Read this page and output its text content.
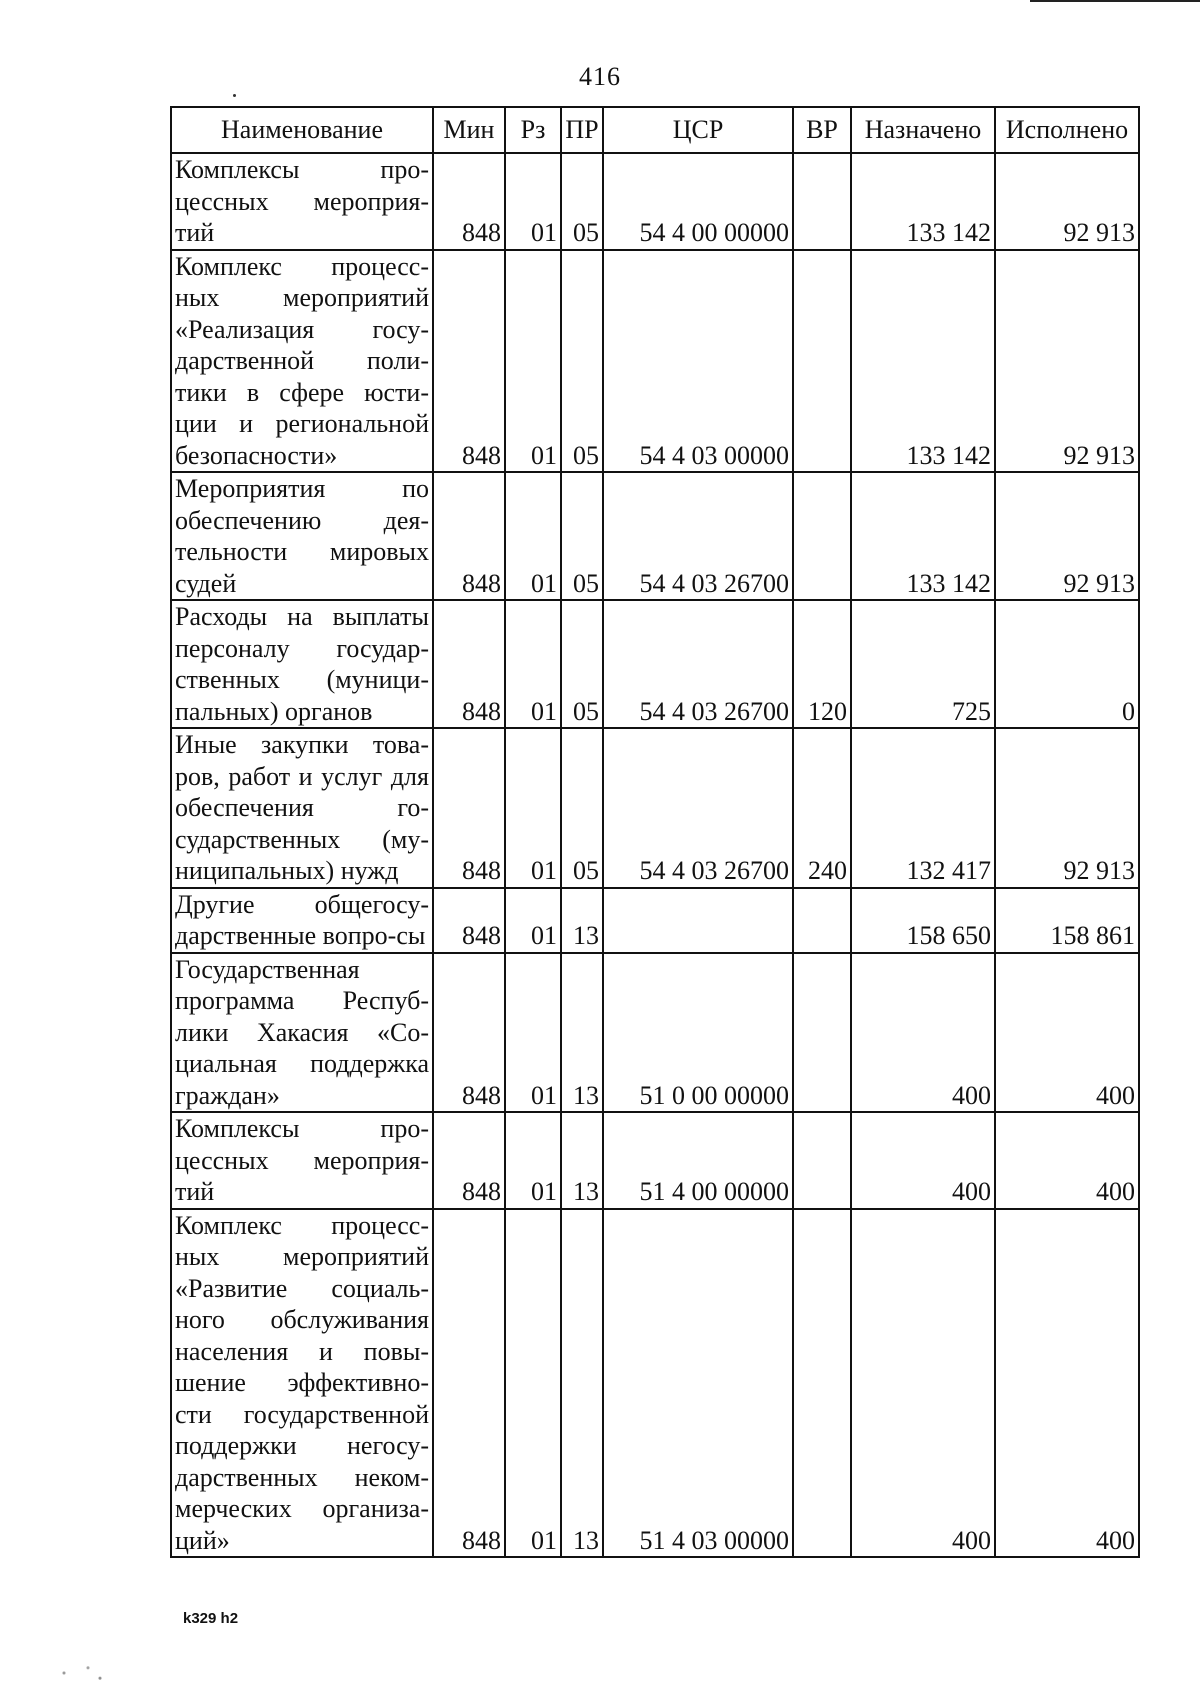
416
Наименование	Мин	Рз	ПР	ЦСР	ВР	Назначено	Исполнено
Комплексы про-цессных мероприя-тий	848	01	05	54 4 00 00000		133 142	92 913
Комплекс процесс-ных мероприятий «Реализация госу-дарственной поли-тики в сфере юсти-ции и региональной безопасности»	848	01	05	54 4 03 00000		133 142	92 913
Мероприятия по обеспечению дея-тельности мировых судей	848	01	05	54 4 03 26700		133 142	92 913
Расходы на выплаты персоналу государ-ственных (муници-пальных) органов	848	01	05	54 4 03 26700	120	725	0
Иные закупки това-ров, работ и услуг для обеспечения го-сударственных (му-ниципальных) нужд	848	01	05	54 4 03 26700	240	132 417	92 913
Другие общегосу-дарственные вопро-сы	848	01	13			158 650	158 861
Государственная программа Респуб-лики Хакасия «Со-циальная поддержка граждан»	848	01	13	51 0 00 00000		400	400
Комплексы про-цессных мероприя-тий	848	01	13	51 4 00 00000		400	400
Комплекс процесс-ных мероприятий «Развитие социаль-ного обслуживания населения и повы-шение эффективно-сти государственной поддержки негосу-дарственных неком-мерческих организа-ций»	848	01	13	51 4 03 00000		400	400
k329 h2
